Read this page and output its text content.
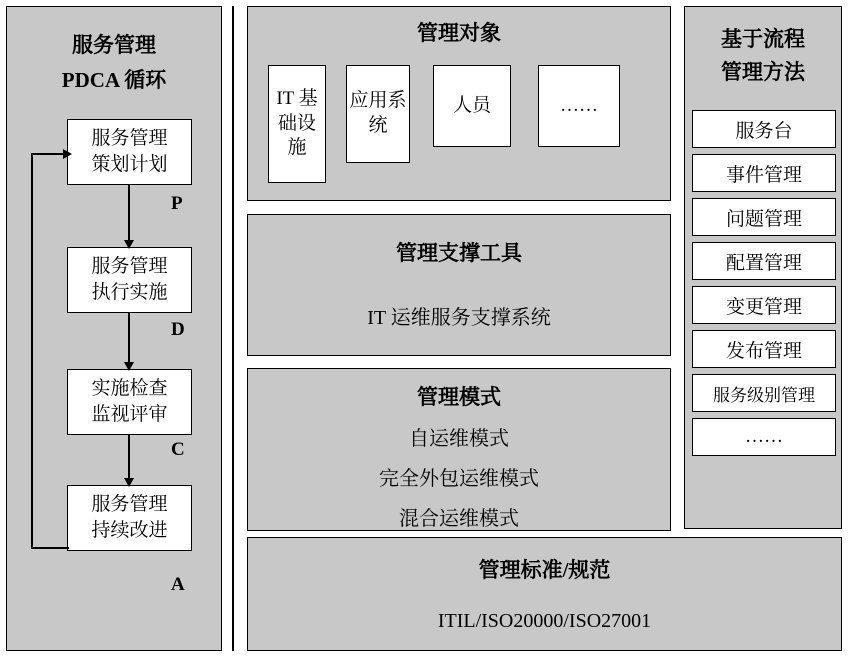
服务管理
PDCA 循环
服务管理
策划计划
服务管理
执行实施
实施检查
监视评审
服务管理
持续改进
P
D
C
A
管理对象
IT 基础设施
应用系统
人员	……
管理支撑工具
IT 运维服务支撑系统
管理模式
自运维模式
完全外包运维模式
混合运维模式
管理标准/规范
ITIL/ISO20000/ISO27001
基于流程
管理方法
服务台
事件管理
问题管理
配置管理
变更管理
发布管理
服务级别管理
……
